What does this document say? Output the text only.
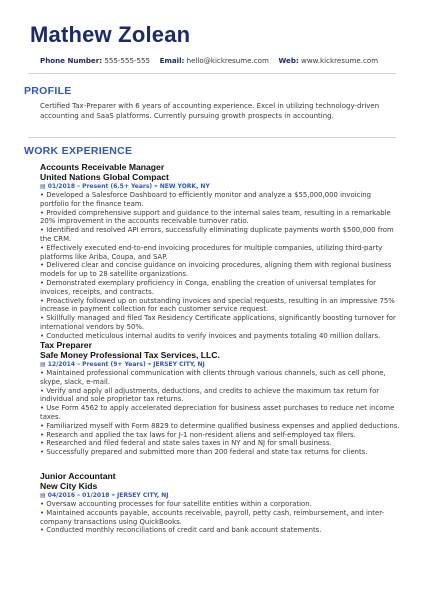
Mathew Zolean
Phone Number: 555-555-555 Email: hello@kickresume.com Web: www.kickresume.com
PROFILE
Certified Tax-Preparer with 6 years of accounting experience. Excel in utilizing technology-driven accounting and SaaS platforms. Currently pursuing growth prospects in accounting.
WORK EXPERIENCE
Accounts Receivable Manager
United Nations Global Compact
▤ 01/2018 – Present (6.5+ Years) ⌖ NEW YORK, NY
• Developed a Salesforce Dashboard to efficiently monitor and analyze a $55,000,000 invoicing portfolio for the finance team.
• Provided comprehensive support and guidance to the internal sales team, resulting in a remarkable 20% improvement in the accounts receivable turnover ratio.
• Identified and resolved API errors, successfully eliminating duplicate payments worth $500,000 from the CRM.
• Effectively executed end-to-end invoicing procedures for multiple companies, utilizing third-party platforms like Ariba, Coupa, and SAP.
• Delivered clear and concise guidance on invoicing procedures, aligning them with regional business models for up to 28 satellite organizations.
• Demonstrated exemplary proficiency in Conga, enabling the creation of universal templates for invoices, receipts, and contracts.
• Proactively followed up on outstanding invoices and special requests, resulting in an impressive 75% increase in payment collection for each customer service request.
• Skillfully managed and filed Tax Residency Certificate applications, significantly boosting turnover for international vendors by 50%.
• Conducted meticulous internal audits to verify invoices and payments totaling 40 million dollars.
Tax Preparer
Safe Money Professional Tax Services, LLC.
▤ 12/2014 – Present (9+ Years) ⌖ JERSEY CITY, NJ
• Maintained professional communication with clients through various channels, such as cell phone, skype, slack, e-mail.
• Verify and apply all adjustments, deductions, and credits to achieve the maximum tax return for individual and sole proprietor tax returns.
• Use Form 4562 to apply accelerated depreciation for business asset purchases to reduce net income taxes.
• Familiarized myself with Form 8829 to determine qualified business expenses and applied deductions.
• Research and applied the tax laws for J-1 non-resident aliens and self-employed tax filers.
• Researched and filed federal and state sales taxes in NY and NJ for small business.
• Successfully prepared and submitted more than 200 federal and state tax returns for clients.
Junior Accountant
New City Kids
▤ 04/2016 – 01/2018 ⌖ JERSEY CITY, NJ
• Oversaw accounting processes for four satellite entities within a corporation.
• Maintained accounts payable, accounts receivable, payroll, petty cash, reimbursement, and inter-company transactions using QuickBooks.
• Conducted monthly reconciliations of credit card and bank account statements.
